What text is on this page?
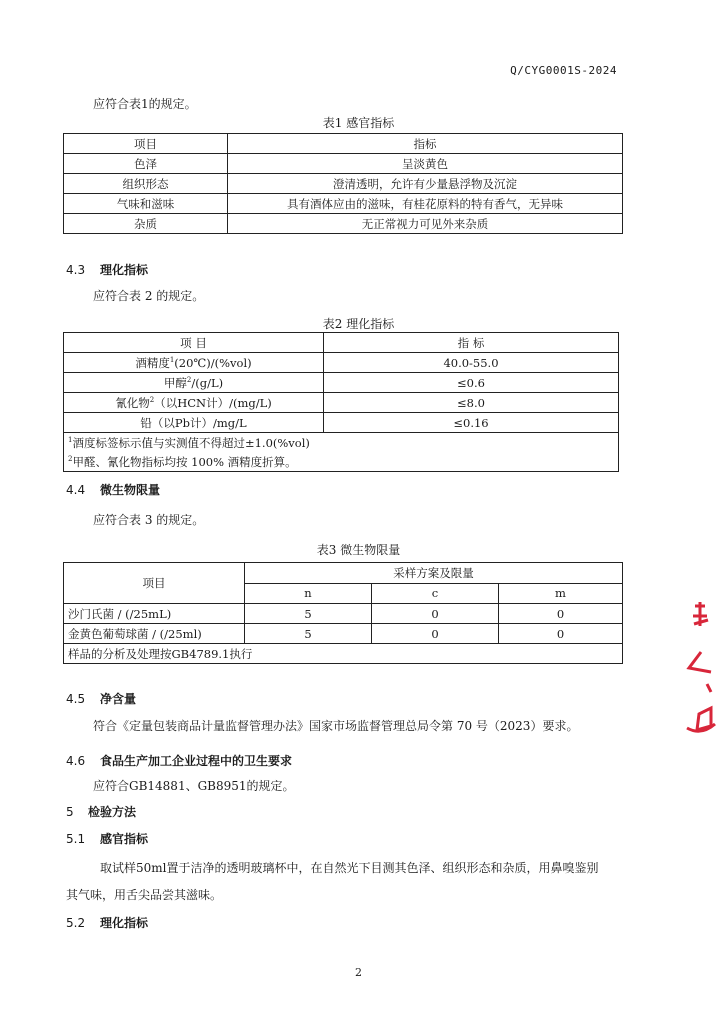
Q/CYG0001S-2024
应符合表1的规定。
表1 感官指标
项目	指标
色泽	呈淡黄色
组织形态	澄清透明，允许有少量悬浮物及沉淀
气味和滋味	具有酒体应由的滋味，有桂花原料的特有香气，无异味
杂质	无正常视力可见外来杂质
4.3 理化指标
应符合表 2 的规定。
表2 理化指标
项 目	指 标
酒精度$^1$(20℃)/(%vol)	40.0-55.0
甲醇$^2$/(g/L)	≤0.6
氰化物$^2$（以HCN计）/(mg/L)	≤8.0
铅（以Pb计）/mg/L	≤0.16
$^1$酒度标签标示值与实测值不得超过±1.0(%vol)	
$^2$甲醛、氰化物指标均按 100% 酒精度折算。	
4.4 微生物限量
应符合表 3 的规定。
表3 微生物限量
项目	采样方案及限量		
	n	c	m
沙门氏菌 / (/25mL)	5	0	0
金黄色葡萄球菌 / (/25ml)	5	0	0
样品的分析及处理按GB4789.1执行			
4.5 净含量
符合《定量包装商品计量监督管理办法》国家市场监督管理总局令第 70 号（2023）要求。
4.6 食品生产加工企业过程中的卫生要求
应符合GB14881、GB8951的规定。
5 检验方法
5.1 感官指标
取试样50ml置于洁净的透明玻璃杯中，在自然光下目测其色泽、组织形态和杂质，用鼻嗅鉴别
其气味，用舌尖品尝其滋味。
5.2 理化指标
2
